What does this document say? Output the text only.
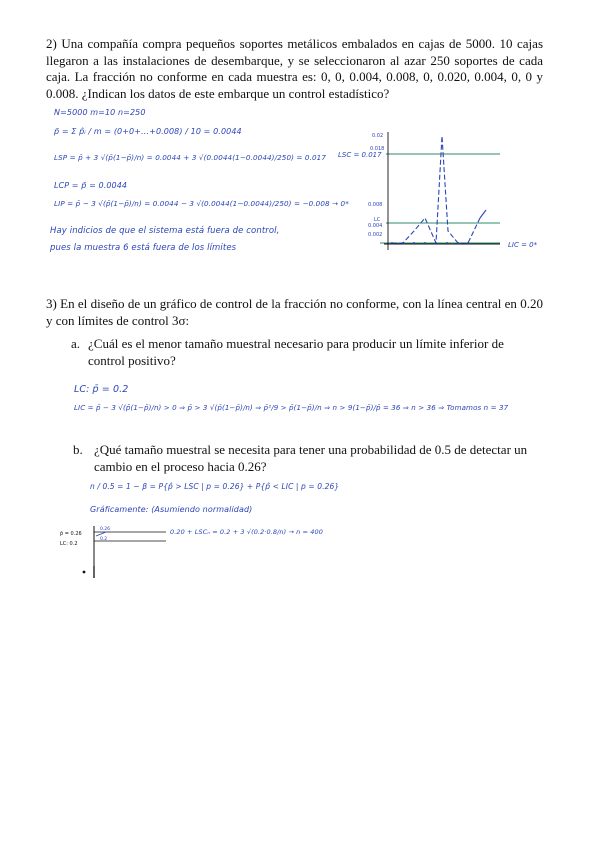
2) Una compañía compra pequeños soportes metálicos embalados en cajas de 5000. 10 cajas llegaron a las instalaciones de desembarque, y se seleccionaron al azar 250 soportes de cada caja. La fracción no conforme en cada muestra es: 0, 0, 0.004, 0.008, 0, 0.020, 0.004, 0, 0 y 0.008. ¿Indican los datos de este embarque un control estadístico?
N=5000 m=10 n=250
p̄ = Σ p̂ᵢ / m = (0+0+…+0.008) / 10 = 0.0044
LSP = p̄ + 3 √(p̄(1−p̄)/n) = 0.0044 + 3 √(0.0044(1−0.0044)/250) = 0.017
LCP = p̄ = 0.0044
LIP = p̄ − 3 √(p̄(1−p̄)/n) = 0.0044 − 3 √(0.0044(1−0.0044)/250) = −0.008 → 0*
Hay indicios de que el sistema está fuera de control,
pues la muestra 6 está fuera de los límites
0.02
0.018
0.008
0.004
0.002
LC
LSC = 0.017
LIC = 0*
3) En el diseño de un gráfico de control de la fracción no conforme, con la línea central en 0.20 y con límites de control 3σ:
a. ¿Cuál es el menor tamaño muestral necesario para producir un límite inferior de control positivo?
LC: p̄ = 0.2
LIC = p̄ − 3 √(p̄(1−p̄)/n) > 0 ⇒ p̄ > 3 √(p̄(1−p̄)/n) ⇒ p̄²/9 > p̄(1−p̄)/n ⇒ n > 9(1−p̄)/p̄ = 36 ⇒ n > 36 ⇒ Tomamos n = 37
b. ¿Qué tamaño muestral se necesita para tener una probabilidad de 0.5 de detectar un cambio en el proceso hacia 0.26?
n / 0.5 = 1 − β = P{p̂ > LSC | p = 0.26} + P{p̂ < LIC | p = 0.26}
Gráficamente: (Asumiendo normalidad)
0.20 + LSCₙ = 0.2 + 3 √(0.2·0.8/n) → n = 400
p̄ = 0.26
LC: 0.2
0.26
0.2
